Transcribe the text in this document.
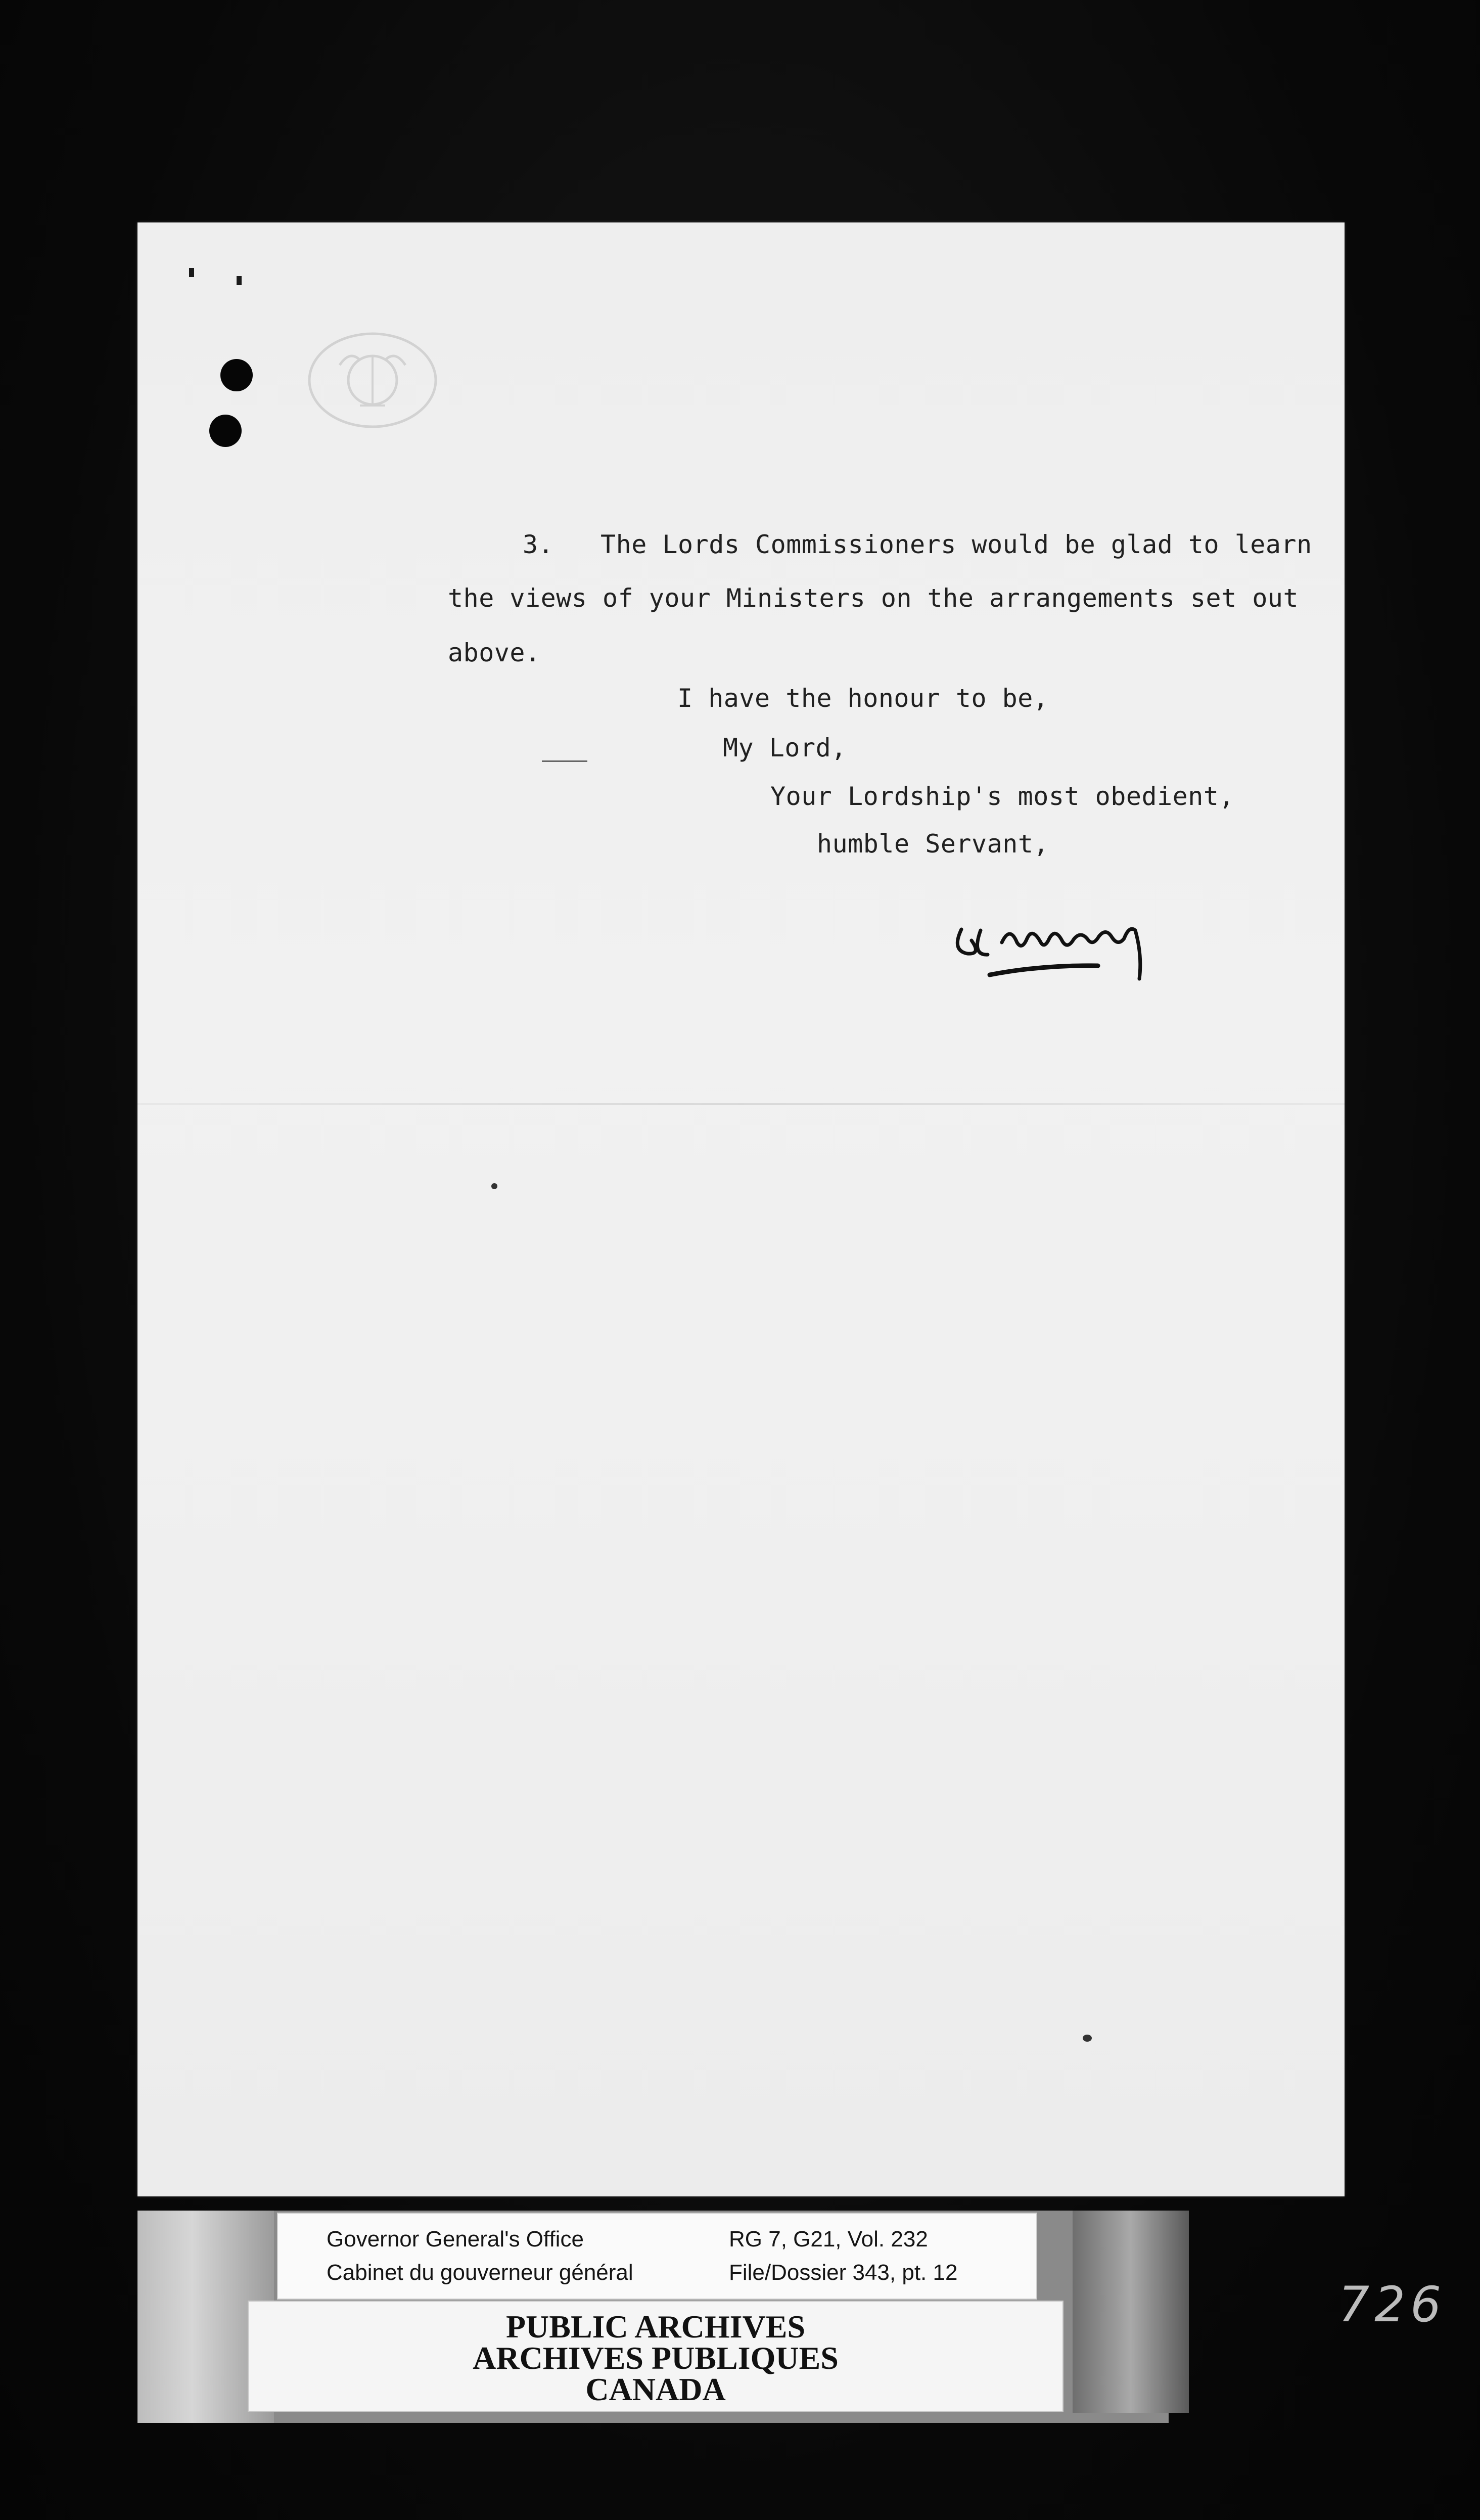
3. The Lords Commissioners would be glad to learn
the views of your Ministers on the arrangements set out
above.
I have the honour to be,
My Lord,
Your Lordship's most obedient,
humble Servant,
Governor General's Office
Cabinet du gouverneur général
RG 7, G21, Vol. 232
File/Dossier 343, pt. 12
PUBLIC ARCHIVES
ARCHIVES PUBLIQUES
CANADA
726
